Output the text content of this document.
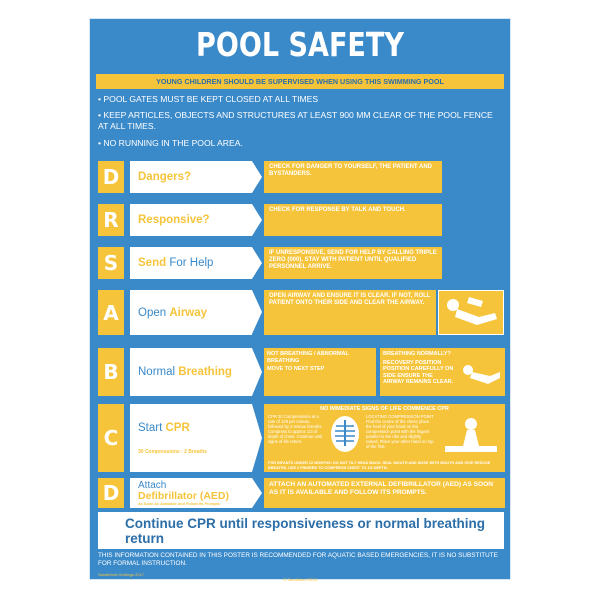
POOL SAFETY
YOUNG CHILDREN SHOULD BE SUPERVISED WHEN USING THIS SWIMMING POOL
• POOL GATES MUST BE KEPT CLOSED AT ALL TIMES
• KEEP ARTICLES, OBJECTS AND STRUCTURES AT LEAST 900 MM CLEAR OF THE POOL FENCE AT ALL TIMES.
• NO RUNNING IN THE POOL AREA.
D	Dangers?
CHECK FOR DANGER TO YOURSELF, THE PATIENT AND BYSTANDERS.
R	Responsive?
CHECK FOR RESPONSE BY TALK AND TOUCH.
S	Send For Help
IF UNRESPONSIVE, SEND FOR HELP BY CALLING TRIPLE ZERO (000). STAY WITH PATIENT UNTIL QUALIFIED PERSONNEL ARRIVE.
A	Open Airway
OPEN AIRWAY AND ENSURE IT IS CLEAR. IF NOT, ROLL PATIENT ONTO THEIR SIDE AND CLEAR THE AIRWAY.
B	Normal Breathing
NOT BREATHING / ABNORMAL BREATHING
MOVE TO NEXT STEP
BREATHING NORMALLY?
RECOVERY POSITION POSITION CAREFULLY ON SIDE ENSURE THE AIRWAY REMAINS CLEAR.
C	Start CPR
30 Compressions : 2 Breaths
NO IMMEDIATE SIGNS OF LIFE COMMENCE CPR
CPR 30 Compressions at a rate of 100 per minute, followed by 2 rescue breaths. Compress to approx 1/3 of depth of chest. Continue until signs of life return.
LOCATING COMPRESSION POINT Find the centre of the chest; place the heel of your hand on the compression point with the fingers parallel to the ribs and slightly raised. Place your other hand on top of the first.
FOR INFANTS UNDER 12 MONTHS: DO NOT TILT HEAD BACK. SEAL MOUTH AND NOSE WITH MOUTH AND GIVE RESCUE BREATHS. USE 2 FINGERS TO COMPRESS CHEST TO 1/3 DEPTH.
D	Attach
Defibrillator (AED)
As Soon As Available And Follow Its Prompts
ATTACH AN AUTOMATED EXTERNAL DEFIBRILLATOR (AED) AS SOON AS IT IS AVAILABLE AND FOLLOW ITS PROMPTS.
Continue CPR until responsiveness or normal breathing return
THIS INFORMATION CONTAINED IN THIS POSTER IS RECOMMENDED FOR AQUATIC BASED EMERGENCIES, IT IS NO SUBSTITUTE FOR FORMAL INSTRUCTION.
Sandleford Holdings 2017
© Sandleford 2018
